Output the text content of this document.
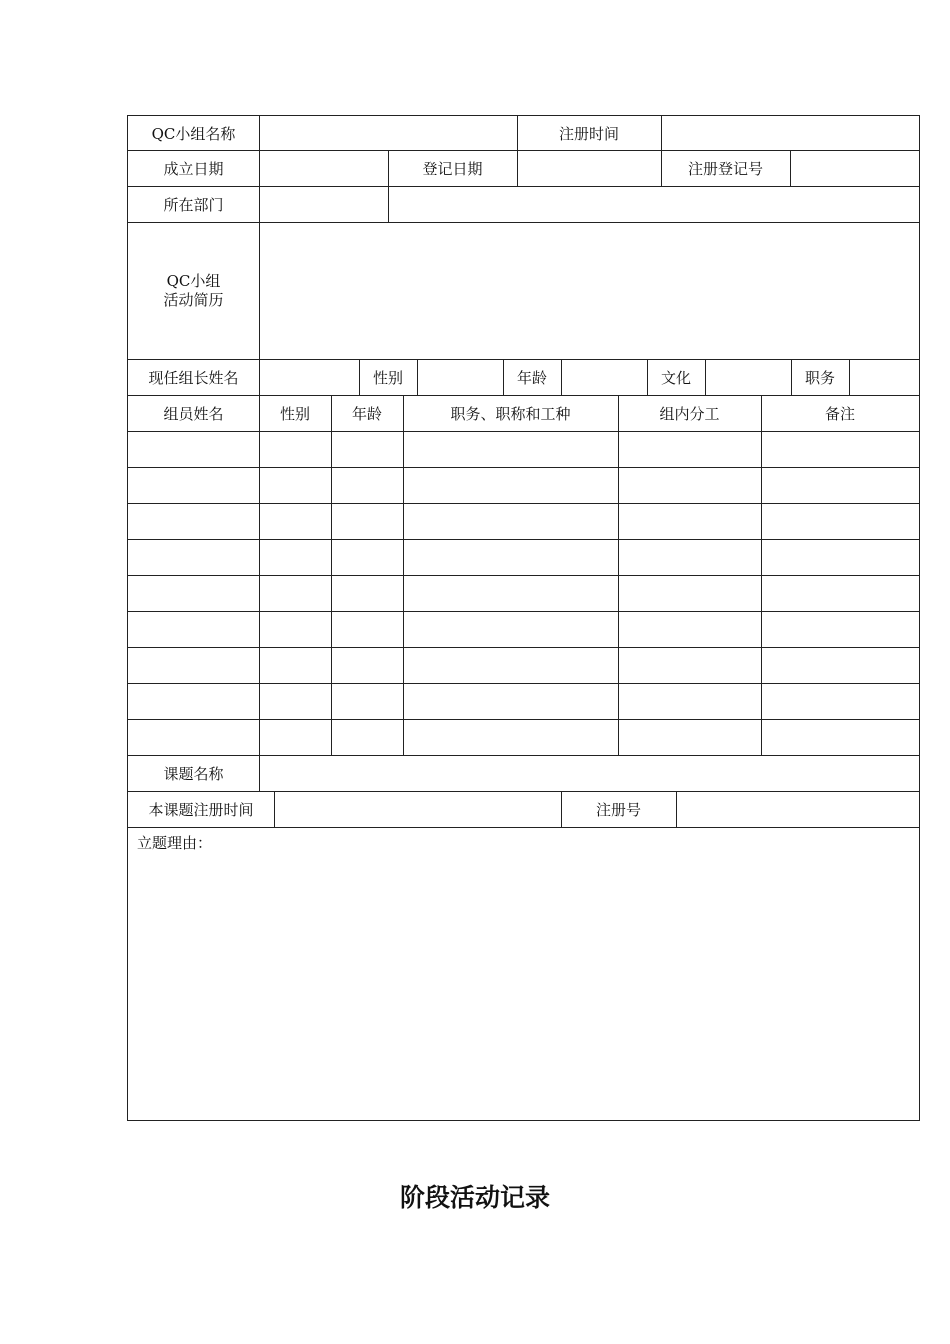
QC小组名称	注册时间
成立日期	登记日期	注册登记号
所在部门
QC小组
活动简历
现任组长姓名	性别	年龄	文化	职务
组员姓名	性别	年龄	职务、职称和工种	组内分工	备注
课题名称
本课题注册时间	注册号
立题理由：
阶段活动记录
